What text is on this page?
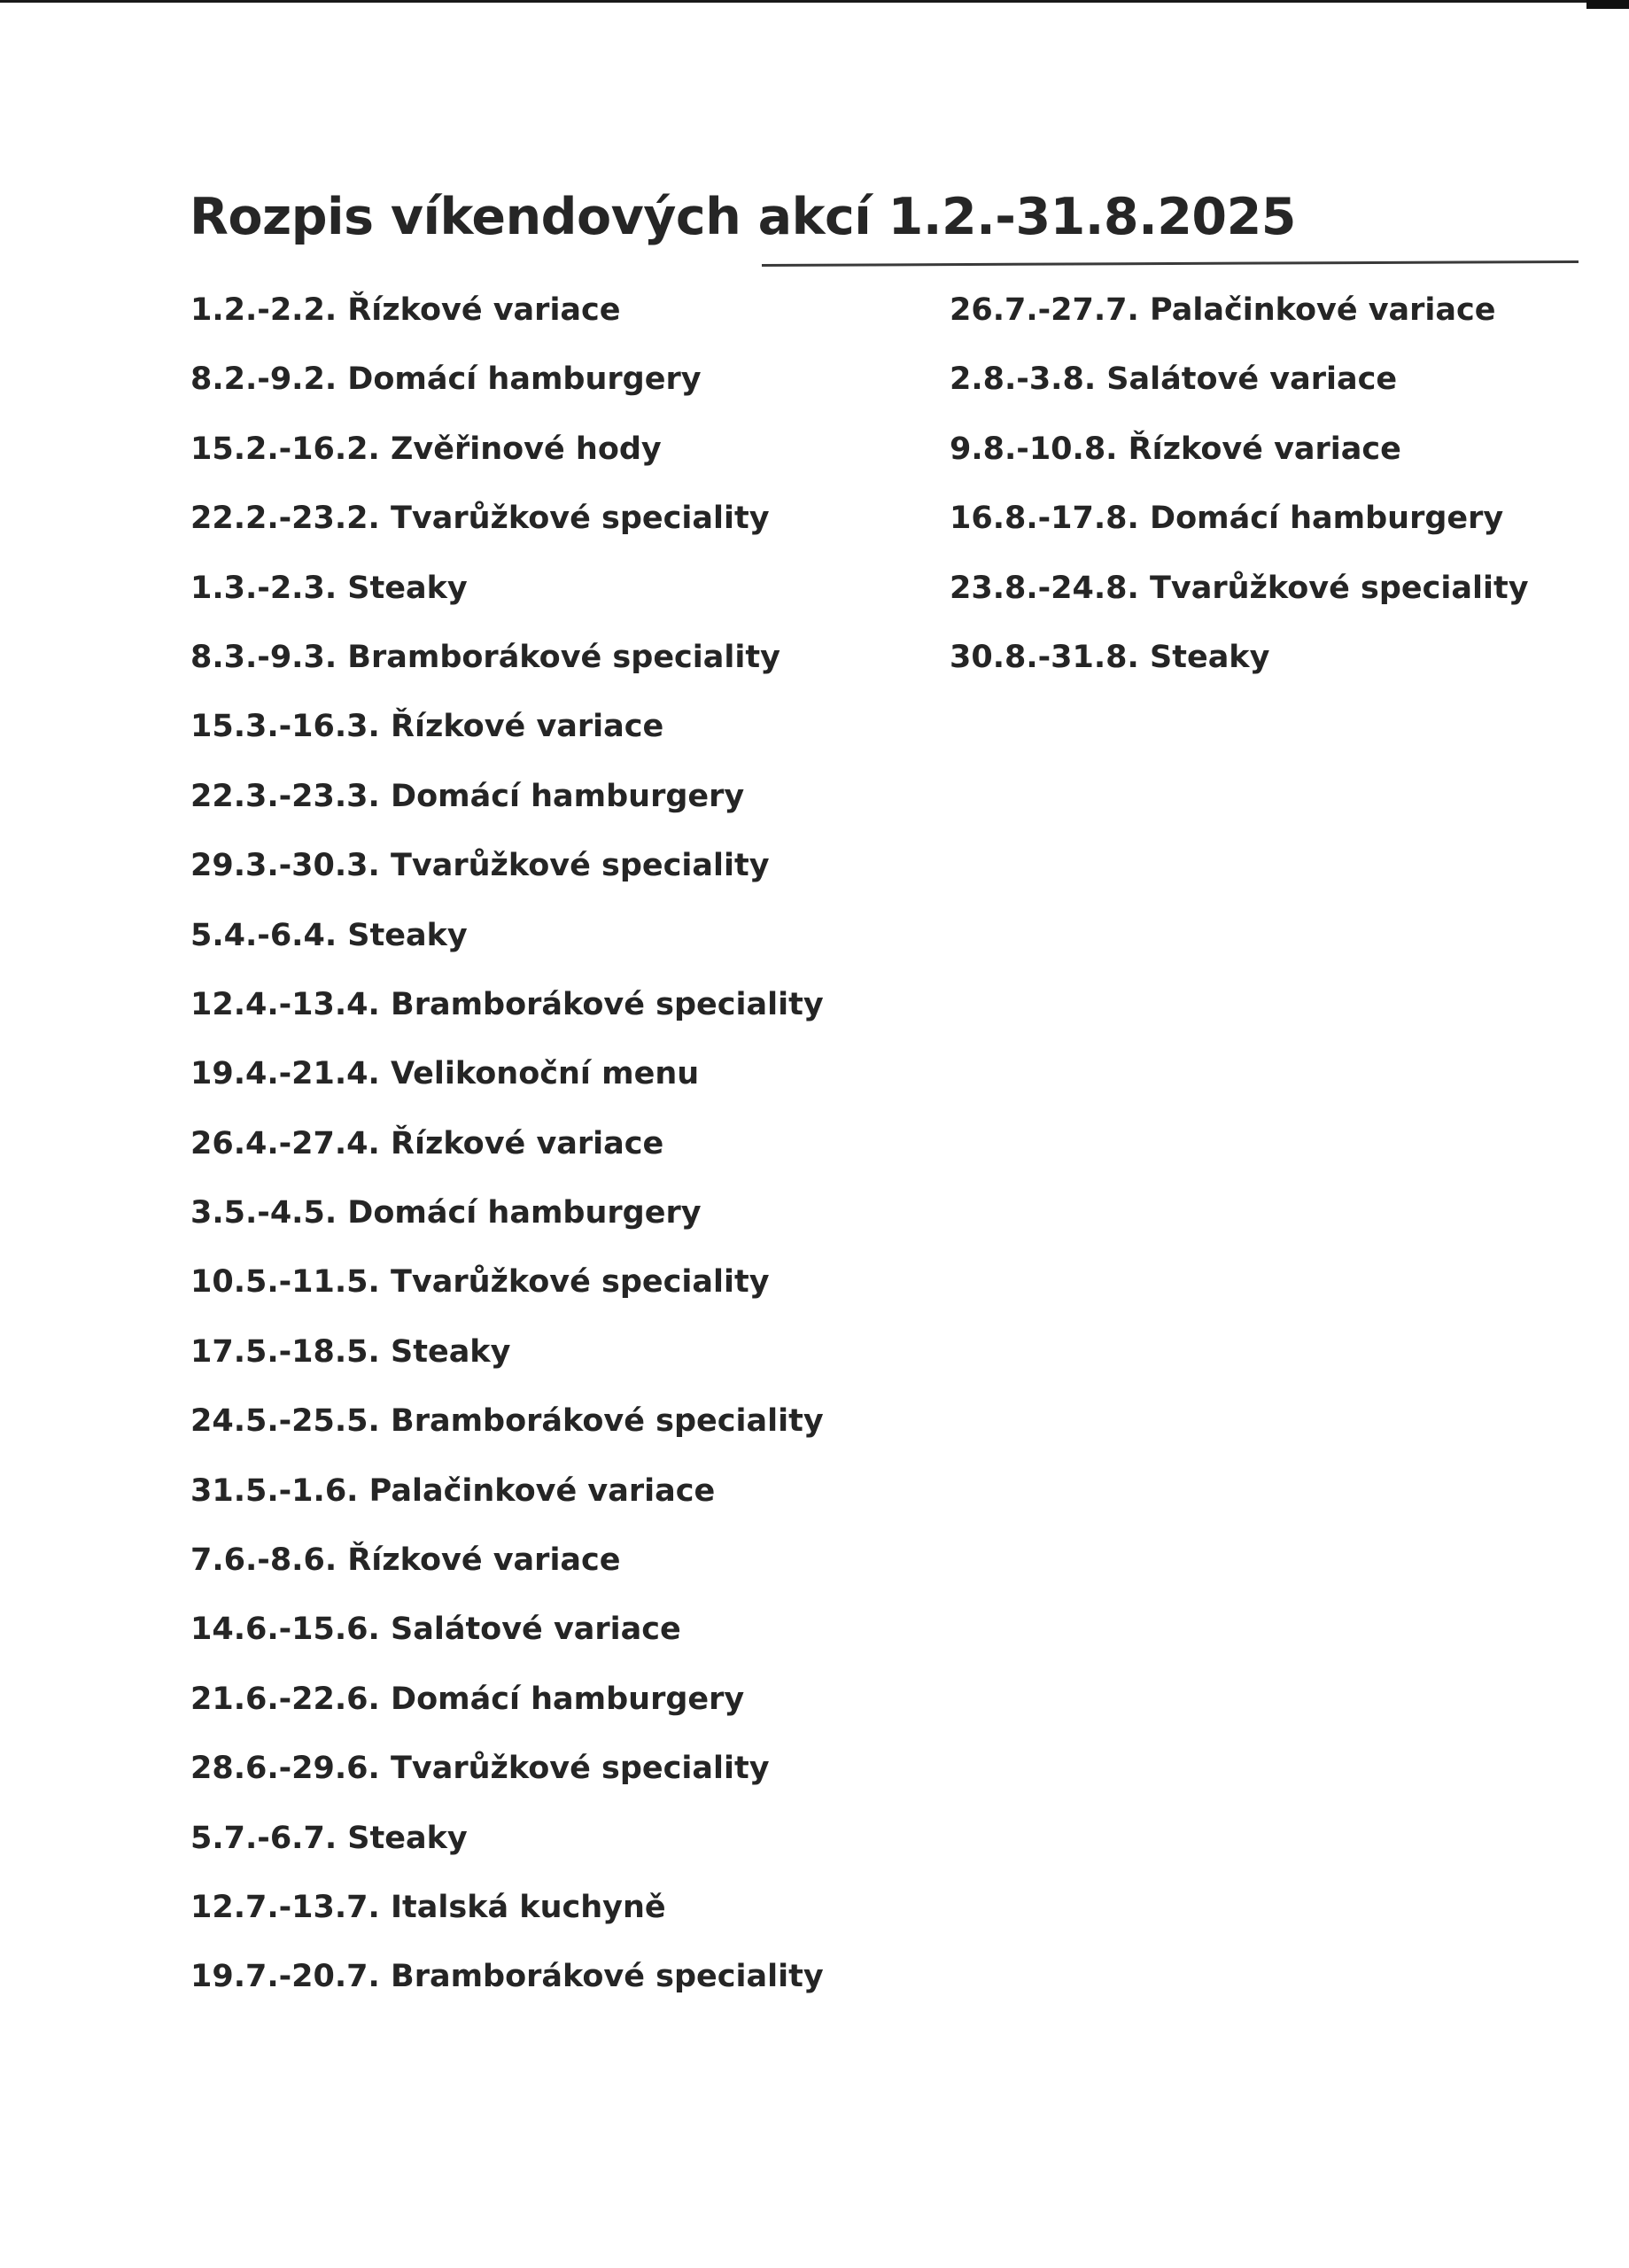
Rozpis víkendových akcí 1.2.-31.8.2025
1.2.-2.2. Řízkové variace
8.2.-9.2. Domácí hamburgery
15.2.-16.2. Zvěřinové hody
22.2.-23.2. Tvarůžkové speciality
1.3.-2.3. Steaky
8.3.-9.3. Bramborákové speciality
15.3.-16.3. Řízkové variace
22.3.-23.3. Domácí hamburgery
29.3.-30.3. Tvarůžkové speciality
5.4.-6.4. Steaky
12.4.-13.4. Bramborákové speciality
19.4.-21.4. Velikonoční menu
26.4.-27.4. Řízkové variace
3.5.-4.5. Domácí hamburgery
10.5.-11.5. Tvarůžkové speciality
17.5.-18.5. Steaky
24.5.-25.5. Bramborákové speciality
31.5.-1.6. Palačinkové variace
7.6.-8.6. Řízkové variace
14.6.-15.6. Salátové variace
21.6.-22.6. Domácí hamburgery
28.6.-29.6. Tvarůžkové speciality
5.7.-6.7. Steaky
12.7.-13.7. Italská kuchyně
19.7.-20.7. Bramborákové speciality
26.7.-27.7. Palačinkové variace
2.8.-3.8. Salátové variace
9.8.-10.8. Řízkové variace
16.8.-17.8. Domácí hamburgery
23.8.-24.8. Tvarůžkové speciality
30.8.-31.8. Steaky
